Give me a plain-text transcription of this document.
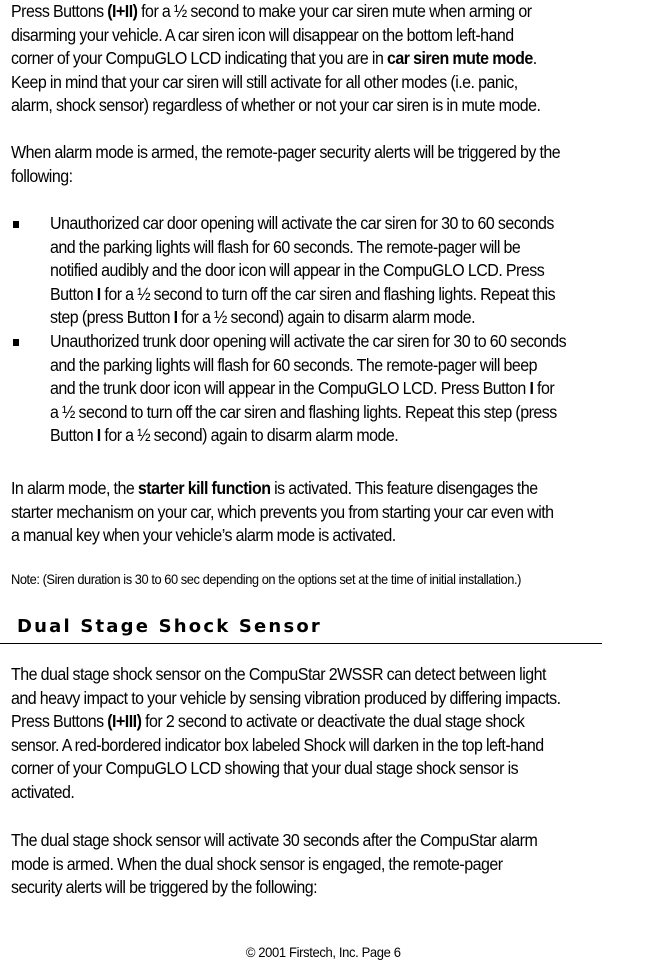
Press Buttons (I+II) for a ½ second to make your car siren mute when arming or
disarming your vehicle. A car siren icon will disappear on the bottom left-hand
corner of your CompuGLO LCD indicating that you are in car siren mute mode.
Keep in mind that your car siren will still activate for all other modes (i.e. panic,
alarm, shock sensor) regardless of whether or not your car siren is in mute mode.
When alarm mode is armed, the remote-pager security alerts will be triggered by the
following:
Unauthorized car door opening will activate the car siren for 30 to 60 seconds
and the parking lights will flash for 60 seconds. The remote-pager will be
notified audibly and the door icon will appear in the CompuGLO LCD. Press
Button I for a ½ second to turn off the car siren and flashing lights. Repeat this
step (press Button I for a ½ second) again to disarm alarm mode.
Unauthorized trunk door opening will activate the car siren for 30 to 60 seconds
and the parking lights will flash for 60 seconds. The remote-pager will beep
and the trunk door icon will appear in the CompuGLO LCD. Press Button I for
a ½ second to turn off the car siren and flashing lights. Repeat this step (press
Button I for a ½ second) again to disarm alarm mode.
In alarm mode, the starter kill function is activated. This feature disengages the
starter mechanism on your car, which prevents you from starting your car even with
a manual key when your vehicle’s alarm mode is activated.
Note: (Siren duration is 30 to 60 sec depending on the options set at the time of initial installation.)
Dual Stage Shock Sensor
The dual stage shock sensor on the CompuStar 2WSSR can detect between light
and heavy impact to your vehicle by sensing vibration produced by differing impacts.
Press Buttons (I+III) for 2 second to activate or deactivate the dual stage shock
sensor. A red-bordered indicator box labeled Shock will darken in the top left-hand
corner of your CompuGLO LCD showing that your dual stage shock sensor is
activated.
The dual stage shock sensor will activate 30 seconds after the CompuStar alarm
mode is armed. When the dual shock sensor is engaged, the remote-pager
security alerts will be triggered by the following:
© 2001 Firstech, Inc. Page 6
